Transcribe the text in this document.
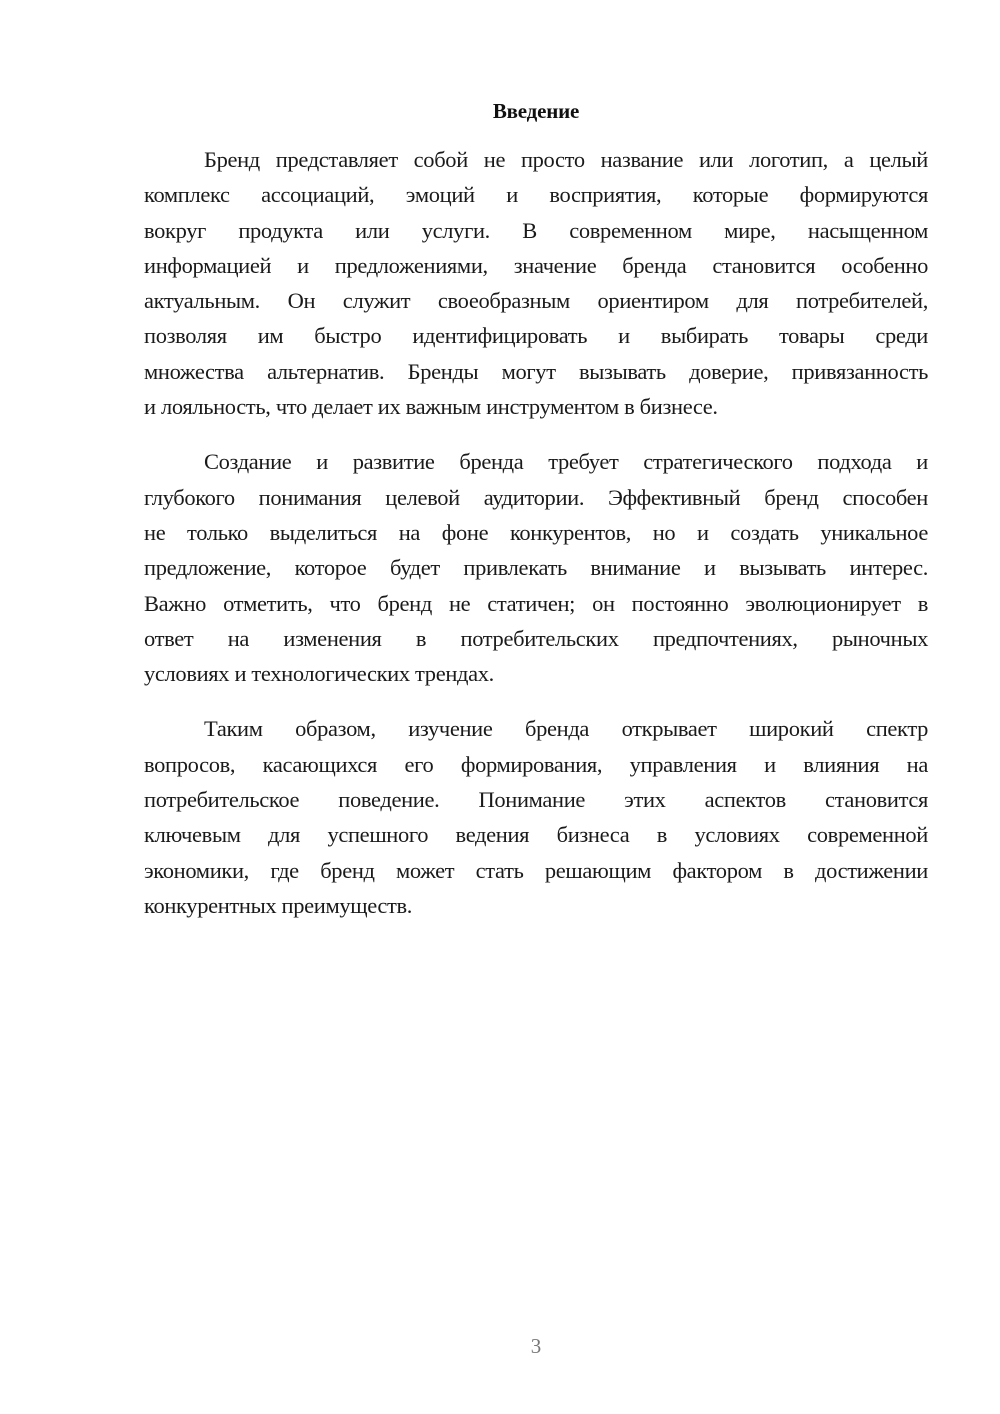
Введение
Бренд представляет собой не просто название или логотип, а целый
комплекс ассоциаций, эмоций и восприятия, которые формируются
вокруг продукта или услуги. В современном мире, насыщенном
информацией и предложениями, значение бренда становится особенно
актуальным. Он служит своеобразным ориентиром для потребителей,
позволяя им быстро идентифицировать и выбирать товары среди
множества альтернатив. Бренды могут вызывать доверие, привязанность
и лояльность, что делает их важным инструментом в бизнесе.
Создание и развитие бренда требует стратегического подхода и
глубокого понимания целевой аудитории. Эффективный бренд способен
не только выделиться на фоне конкурентов, но и создать уникальное
предложение, которое будет привлекать внимание и вызывать интерес.
Важно отметить, что бренд не статичен; он постоянно эволюционирует в
ответ на изменения в потребительских предпочтениях, рыночных
условиях и технологических трендах.
Таким образом, изучение бренда открывает широкий спектр
вопросов, касающихся его формирования, управления и влияния на
потребительское поведение. Понимание этих аспектов становится
ключевым для успешного ведения бизнеса в условиях современной
экономики, где бренд может стать решающим фактором в достижении
конкурентных преимуществ.
3
